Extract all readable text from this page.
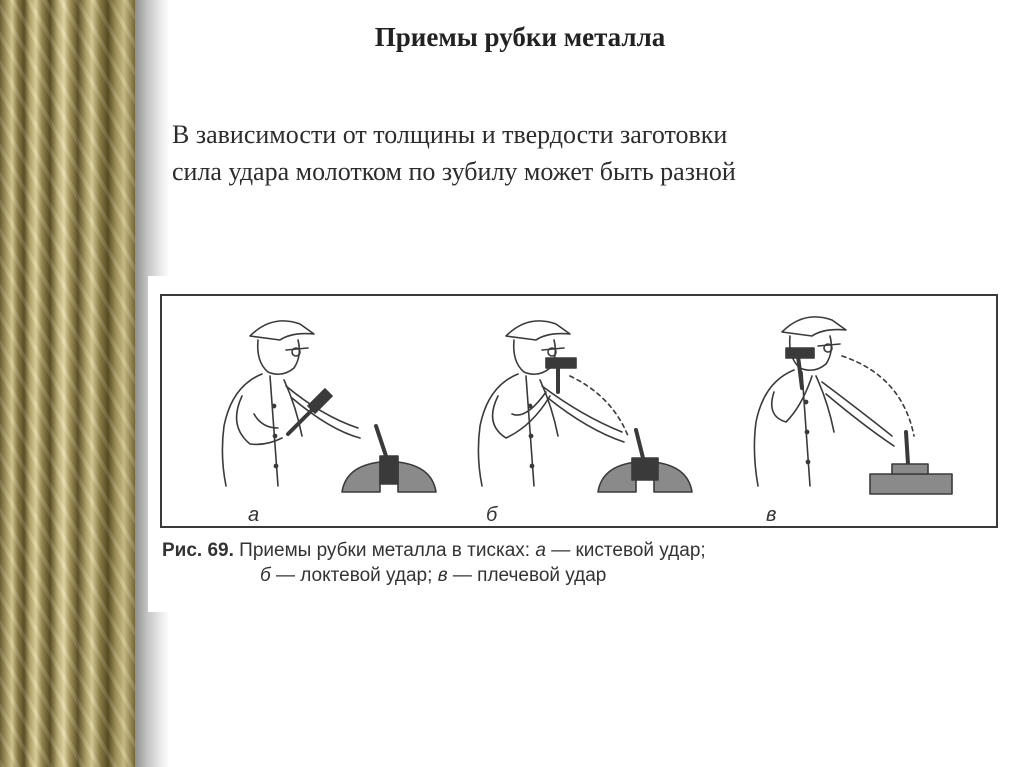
Приемы рубки металла

В зависимости от толщины и твердости заготовки
сила удара молотком по зубилу может быть разной

а	б	в

Рис. 69. Приемы рубки металла в тисках: а — кистевой удар;
б — локтевой удар; в — плечевой удар
